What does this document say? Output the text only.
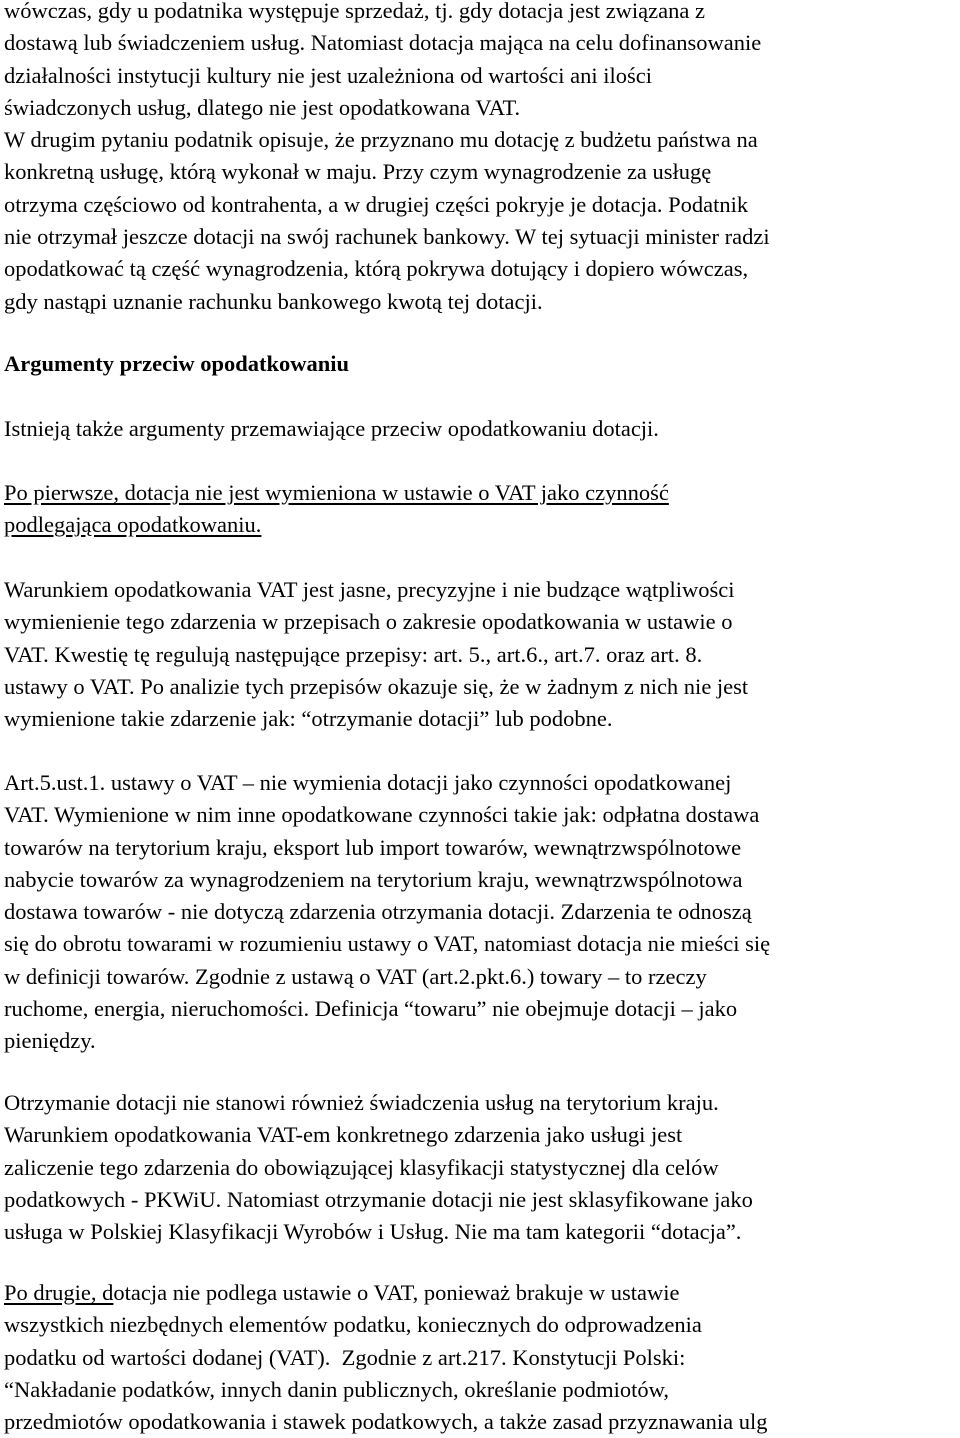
wówczas, gdy u podatnika występuje sprzedaż, tj. gdy dotacja jest związana z
dostawą lub świadczeniem usług. Natomiast dotacja mająca na celu dofinansowanie
działalności instytucji kultury nie jest uzależniona od wartości ani ilości
świadczonych usług, dlatego nie jest opodatkowana VAT.
W drugim pytaniu podatnik opisuje, że przyznano mu dotację z budżetu państwa na
konkretną usługę, którą wykonał w maju. Przy czym wynagrodzenie za usługę
otrzyma częściowo od kontrahenta, a w drugiej części pokryje je dotacja. Podatnik
nie otrzymał jeszcze dotacji na swój rachunek bankowy. W tej sytuacji minister radzi
opodatkować tą część wynagrodzenia, którą pokrywa dotujący i dopiero wówczas,
gdy nastąpi uznanie rachunku bankowego kwotą tej dotacji.
Argumenty przeciw opodatkowaniu
Istnieją także argumenty przemawiające przeciw opodatkowaniu dotacji.
Po pierwsze, dotacja nie jest wymieniona w ustawie o VAT jako czynność
podlegająca opodatkowaniu.
Warunkiem opodatkowania VAT jest jasne, precyzyjne i nie budzące wątpliwości
wymienienie tego zdarzenia w przepisach o zakresie opodatkowania w ustawie o
VAT. Kwestię tę regulują następujące przepisy: art. 5., art.6., art.7. oraz art. 8.
ustawy o VAT. Po analizie tych przepisów okazuje się, że w żadnym z nich nie jest
wymienione takie zdarzenie jak: “otrzymanie dotacji” lub podobne.
Art.5.ust.1. ustawy o VAT – nie wymienia dotacji jako czynności opodatkowanej
VAT. Wymienione w nim inne opodatkowane czynności takie jak: odpłatna dostawa
towarów na terytorium kraju, eksport lub import towarów, wewnątrzwspólnotowe
nabycie towarów za wynagrodzeniem na terytorium kraju, wewnątrzwspólnotowa
dostawa towarów - nie dotyczą zdarzenia otrzymania dotacji. Zdarzenia te odnoszą
się do obrotu towarami w rozumieniu ustawy o VAT, natomiast dotacja nie mieści się
w definicji towarów. Zgodnie z ustawą o VAT (art.2.pkt.6.) towary – to rzeczy
ruchome, energia, nieruchomości. Definicja “towaru” nie obejmuje dotacji – jako
pieniędzy.
Otrzymanie dotacji nie stanowi również świadczenia usług na terytorium kraju.
Warunkiem opodatkowania VAT-em konkretnego zdarzenia jako usługi jest
zaliczenie tego zdarzenia do obowiązującej klasyfikacji statystycznej dla celów
podatkowych - PKWiU. Natomiast otrzymanie dotacji nie jest sklasyfikowane jako
usługa w Polskiej Klasyfikacji Wyrobów i Usług. Nie ma tam kategorii “dotacja”.
Po drugie, dotacja nie podlega ustawie o VAT, ponieważ brakuje w ustawie
wszystkich niezbędnych elementów podatku, koniecznych do odprowadzenia
podatku od wartości dodanej (VAT).  Zgodnie z art.217. Konstytucji Polski:
“Nakładanie podatków, innych danin publicznych, określanie podmiotów,
przedmiotów opodatkowania i stawek podatkowych, a także zasad przyznawania ulg
